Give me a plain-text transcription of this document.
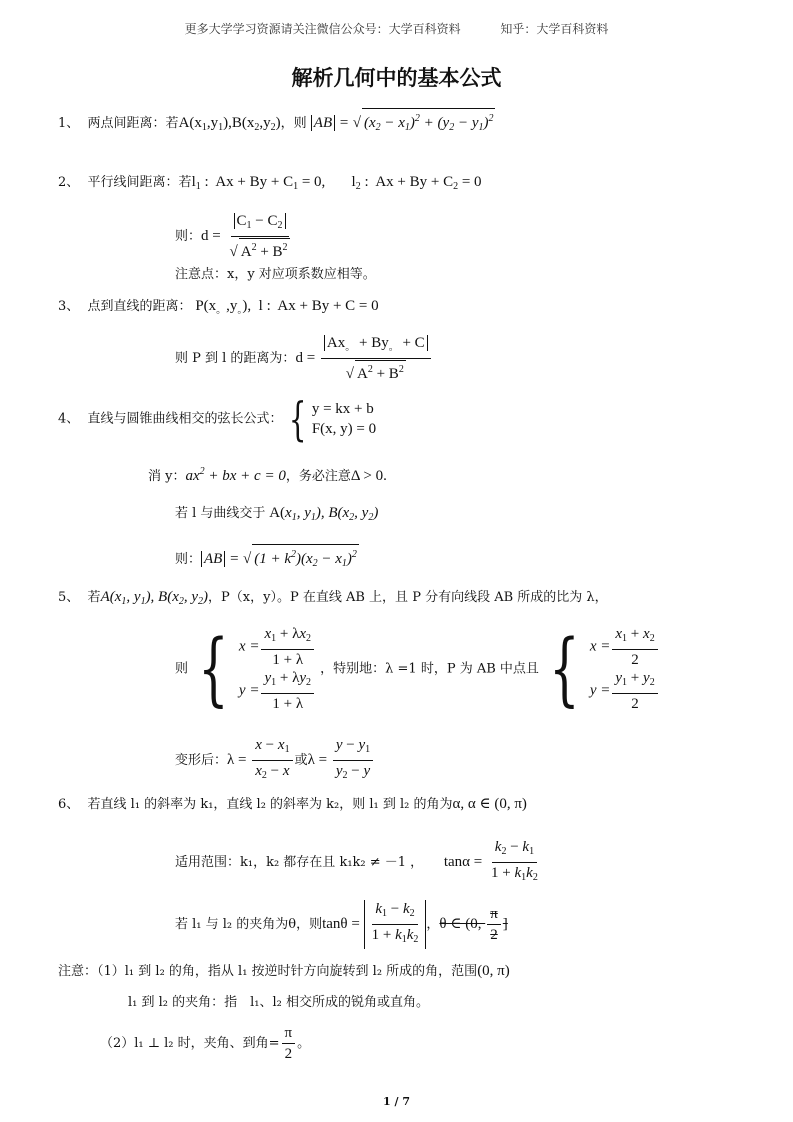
更多大学学习资源请关注微信公众号：大学百科资料	知乎：大学百科资料
解析几何中的基本公式
1、 两点间距离：若$A(x_1,y_1),B(x_2,y_2)$，则 AB = √ $(x_2 - x_1)^2 + (y_2 - y_1)^2$
2、 平行线间距离：若$l_1$ :  $Ax + By + C_1 = 0$,       $l_2$ :  $Ax + By + C_2 = 0$
则：$d = \frac{C_1 - C_2}{√ A^2 + B^2}$
注意点：x，y 对应项系数应相等。
3、 点到直线的距离： $P(x_。,y_。)$,  l :  Ax + By + C = 0
则 P 到 l 的距离为：$d = \frac{Ax_。 + By_。 + C}{√ A^2 + B^2}$
4、 直线与圆锥曲线相交的弦长公式： { y = kx + b
F(x, y) = 0
消 y：$ax^2$ + bx + c = 0，务必注意Δ > 0.
若 l 与曲线交于 $A(x_1$, $y_1$), $B(x_2$, $y_2$)
则： AB = √ $(1 + k^2)(x_2 - x_1)^2$
5、 若$A(x_1$, $y_1$), $B(x_2$, $y_2$)，P（x，y）。P 在直线 AB 上，且 P 分有向线段 AB 所成的比为 λ，
则 { $x = \frac{x_1 + \lambda x_2}{1 + \lambda}$
$y = \frac{y_1 + \lambda y_2}{1 + \lambda}$ ，特别地：λ =1 时，P 为 AB 中点且 { $x = \frac{x_1 + x_2}{2}$
$y = \frac{y_1 + y_2}{2}$
变形后：$\lambda = \frac{x - x_1}{x_2 - x}$ 或$\lambda = \frac{y - y_1}{y_2 - y}$
6、 若直线 l₁ 的斜率为 k₁，直线 l₂ 的斜率为 k₂，则 l₁ 到 l₂ 的角为α, α ∈ (0, π)
适用范围：k₁，k₂ 都存在且 k₁k₂ ≠ －1 ， $\tan\alpha = \frac{k_2 - k_1}{1 + k_1k_2}$
若 l₁ 与 l₂ 的夹角为θ，则$\tan\theta = \frac{k_1 - k_2}{1 + k_1k_2}$ ，θ ∈ (0, $\frac{\pi}{2}$ ]
注意：（1）l₁ 到 l₂ 的角，指从 l₁ 按逆时针方向旋转到 l₂ 所成的角，范围(0, π)
l₁ 到 l₂ 的夹角：指　l₁、l₂ 相交所成的锐角或直角。
（2）l₁ ⊥ l₂ 时，夹角、到角= $\frac{\pi}{2}$ 。
1 / 7
